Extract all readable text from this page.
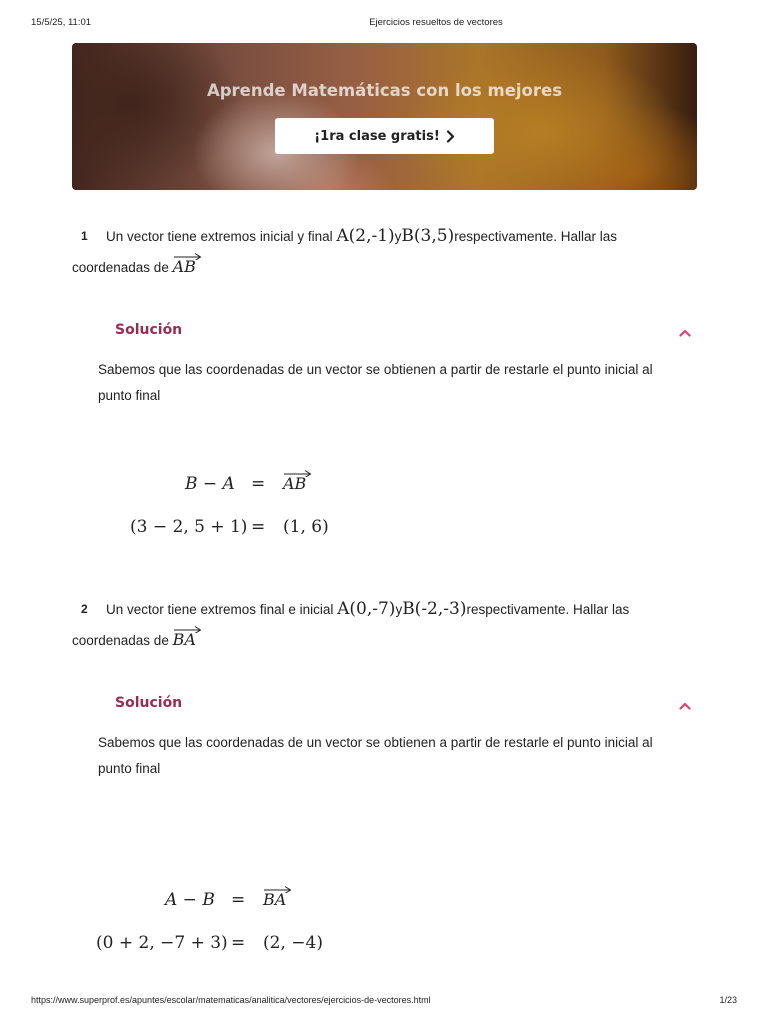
15/5/25, 11:01	Ejercicios resueltos de vectores
Aprende Matemáticas con los mejores
¡1ra clase gratis!
1	Un vector tiene extremos inicial y final A(2,-1)yB(3,5)respectivamente. Hallar las
coordenadas de
AB
Solución
Sabemos que las coordenadas de un vector se obtienen a partir de restarle el punto inicial al punto final
B − A = AB
(3 − 2, 5 + 1) = (1, 6)
2	Un vector tiene extremos final e inicial A(0,-7)yB(-2,-3)respectivamente. Hallar las
coordenadas de
BA
Solución
Sabemos que las coordenadas de un vector se obtienen a partir de restarle el punto inicial al punto final
A − B = BA
(0 + 2, −7 + 3) = (2, −4)
https://www.superprof.es/apuntes/escolar/matematicas/analitica/vectores/ejercicios-de-vectores.html	1/23
